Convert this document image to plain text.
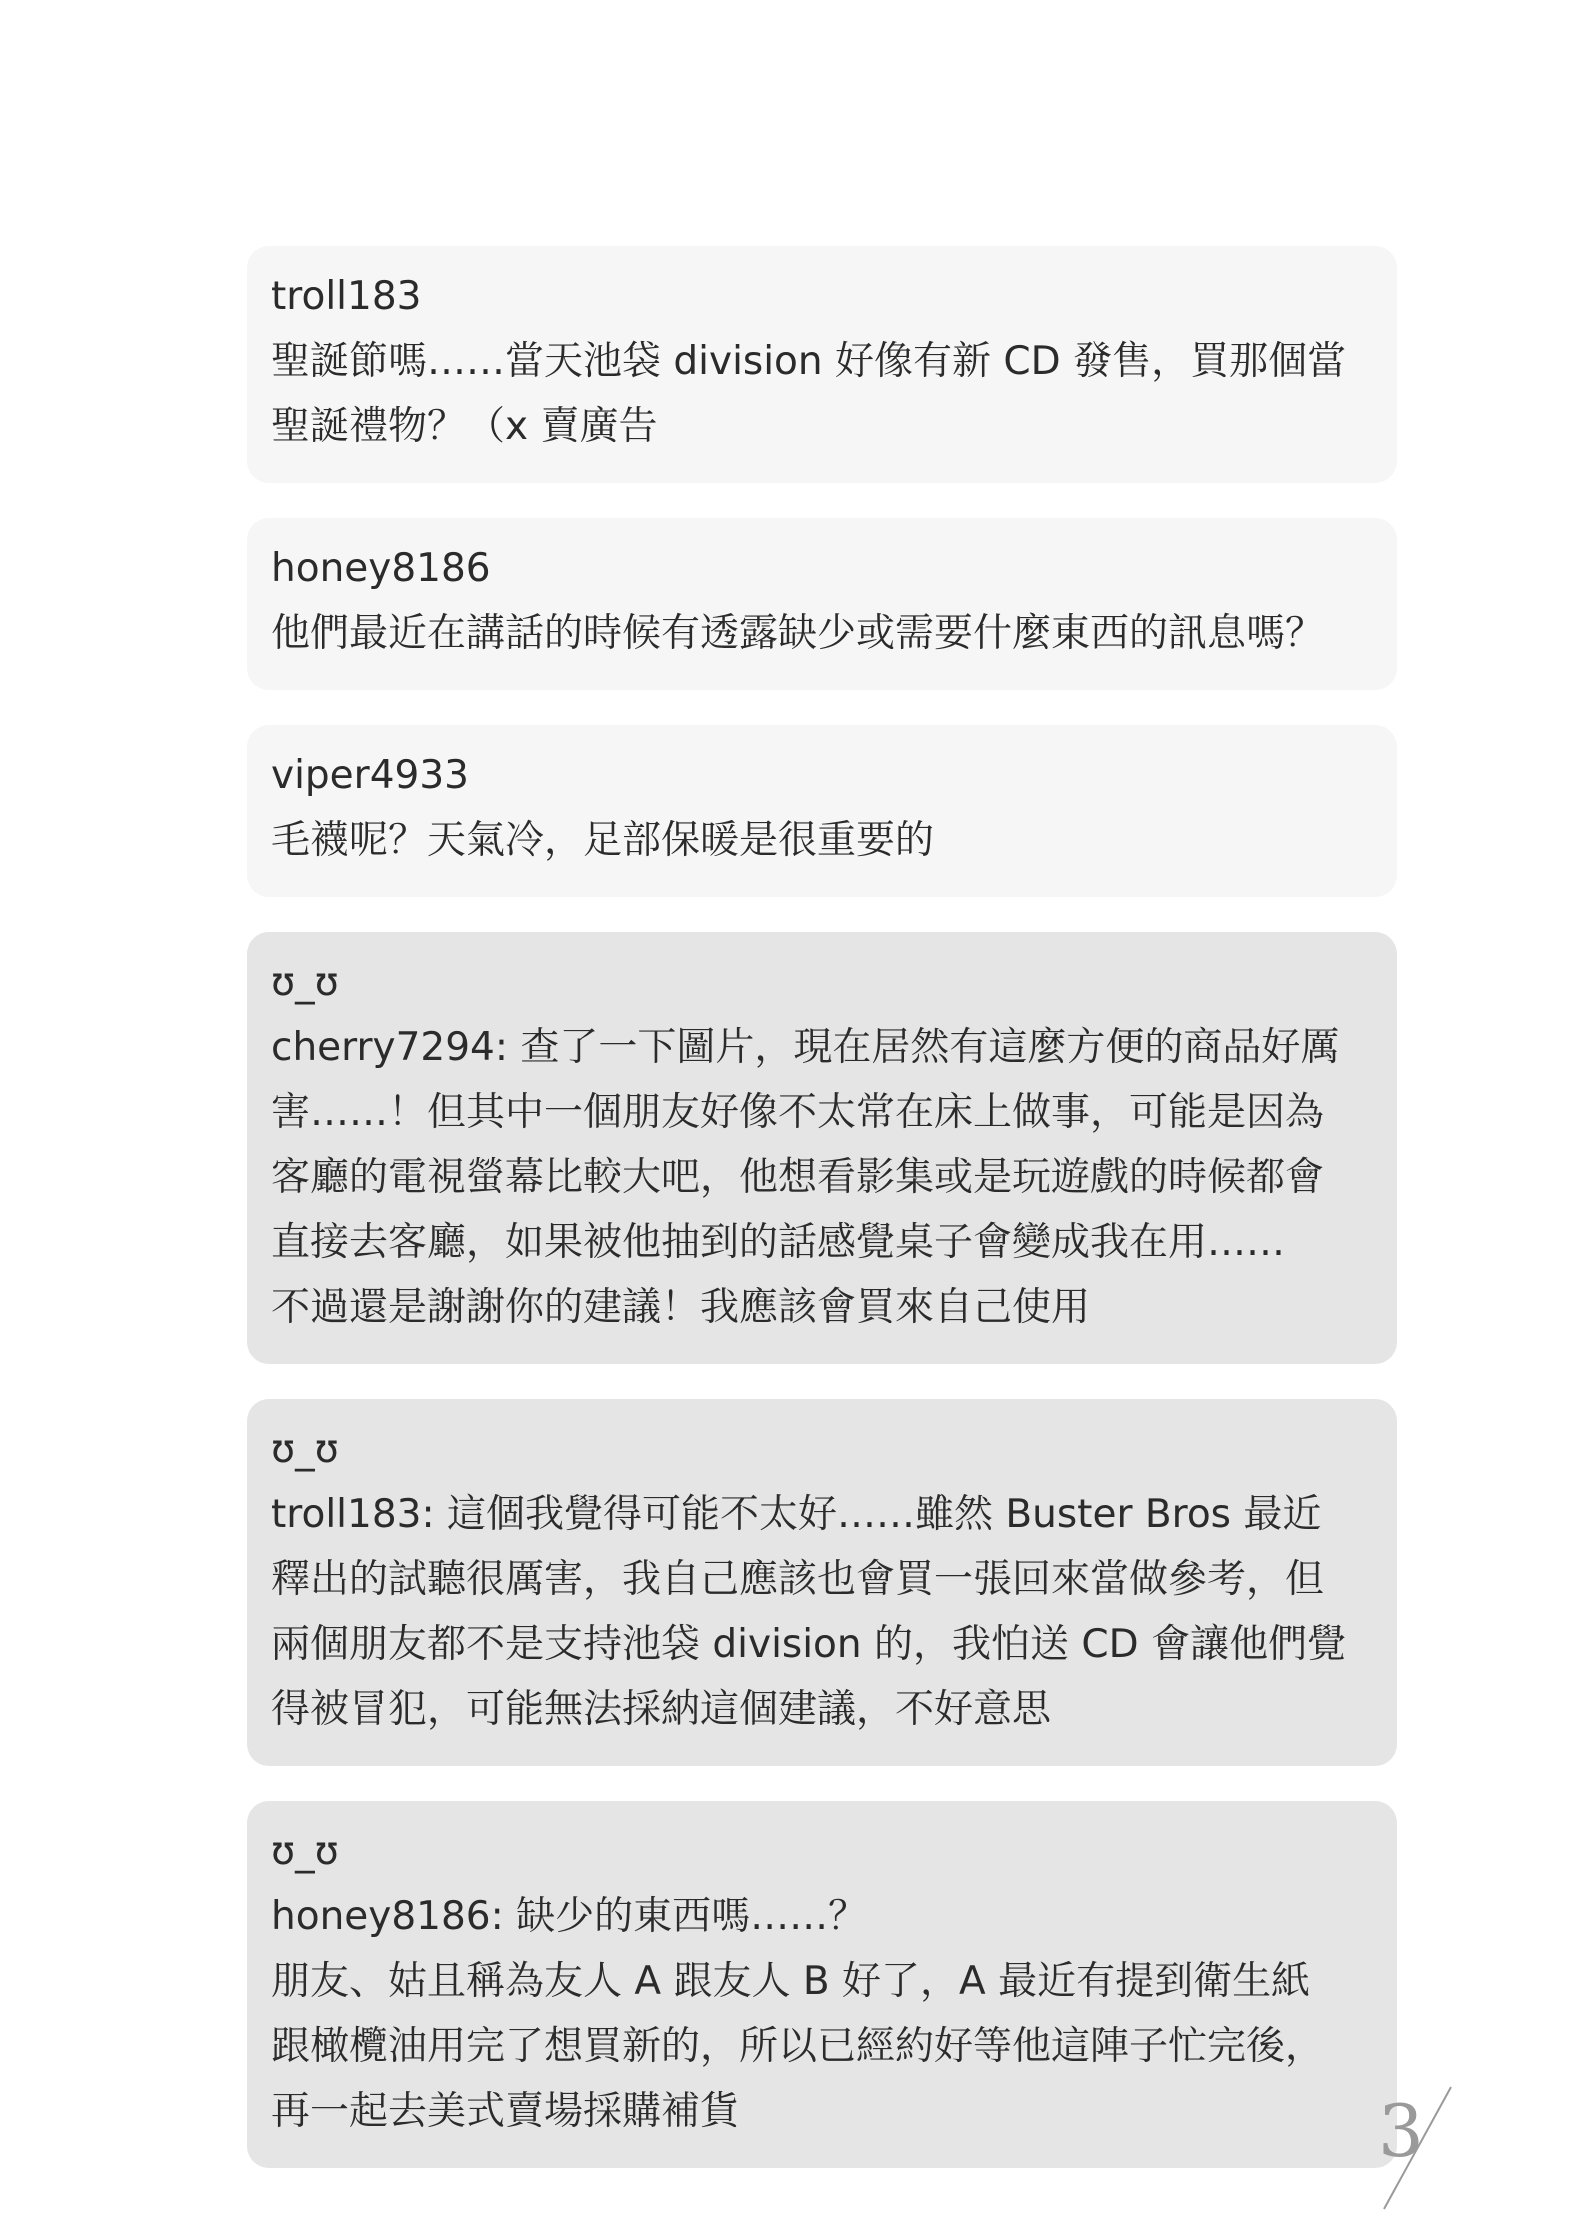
troll183
聖誕節嗎……當天池袋 division 好像有新 CD 發售，買那個當
聖誕禮物？（x 賣廣告
honey8186
他們最近在講話的時候有透露缺少或需要什麼東西的訊息嗎？
viper4933
毛襪呢？天氣冷，足部保暖是很重要的
ʊ_ʊ
cherry7294: 查了一下圖片，現在居然有這麼方便的商品好厲
害……！但其中一個朋友好像不太常在床上做事，可能是因為
客廳的電視螢幕比較大吧，他想看影集或是玩遊戲的時候都會
直接去客廳，如果被他抽到的話感覺桌子會變成我在用……
不過還是謝謝你的建議！我應該會買來自己使用
ʊ_ʊ
troll183: 這個我覺得可能不太好……雖然 Buster Bros 最近
釋出的試聽很厲害，我自己應該也會買一張回來當做參考，但
兩個朋友都不是支持池袋 division 的，我怕送 CD 會讓他們覺
得被冒犯，可能無法採納這個建議，不好意思
ʊ_ʊ
honey8186: 缺少的東西嗎……？
朋友、姑且稱為友人 A 跟友人 B 好了，A 最近有提到衛生紙
跟橄欖油用完了想買新的，所以已經約好等他這陣子忙完後，
再一起去美式賣場採購補貨	3
